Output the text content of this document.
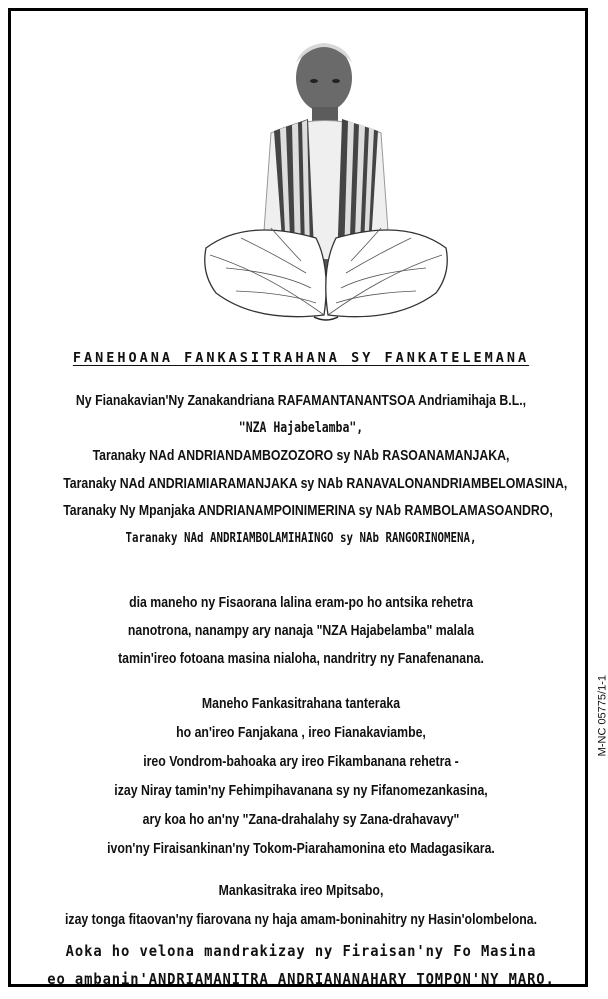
FANEHOANA FANKASITRAHANA SY FANKATELEMANA

Ny Fianakavian'Ny Zanakandriana RAFAMANTANANTSOA Andriamihaja B.L.,

"NZA Hajabelamba",

Taranaky NAd ANDRIANDAMBOZOZORO sy NAb RASOANAMANJAKA,

Taranaky NAd ANDRIAMIARAMANJAKA sy NAb RANAVALONANDRIAMBELOMASINA,

Taranaky Ny Mpanjaka ANDRIANAMPOINIMERINA sy NAb RAMBOLAMASOANDRO,

Taranaky NAd ANDRIAMBOLAMIHAINGO sy NAb RANGORINOMENA,

dia maneho ny Fisaorana lalina eram-po ho antsika rehetra

nanotrona, nanampy ary nanaja "NZA Hajabelamba" malala

tamin'ireo fotoana masina nialoha, nandritry ny Fanafenanana.

Maneho Fankasitrahana tanteraka

ho an'ireo Fanjakana , ireo Fianakaviambe,

ireo Vondrom-bahoaka ary ireo Fikambanana rehetra -

izay Niray tamin'ny Fehimpihavanana sy ny Fifanomezankasina,

ary koa ho an'ny "Zana-drahalahy sy Zana-drahavavy"

ivon'ny Firaisankinan'ny Tokom-Piarahamonina eto Madagasikara.

Mankasitraka ireo Mpitsabo,

izay tonga fitaovan'ny fiarovana ny haja amam-boninahitry ny Hasin'olombelona.

Aoka ho velona mandrakizay ny Firaisan'ny Fo Masina

eo ambanin'ANDRIAMANITRA ANDRIANANAHARY TOMPON'NY MARO.

M-NC 05775/1-1
